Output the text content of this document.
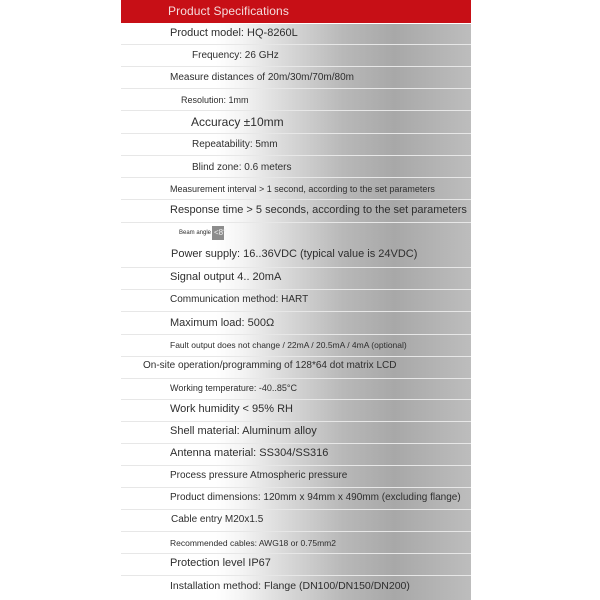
Product Specifications
Product model: HQ-8260L
Frequency: 26 GHz
Measure distances of 20m/30m/70m/80m
Resolution: 1mm
Accuracy ±10mm
Repeatability: 5mm
Blind zone: 0.6 meters
Measurement interval > 1 second, according to the set parameters
Response time > 5 seconds, according to the set parameters
Beam angle <8°
Power supply: 16..36VDC (typical value is 24VDC)
Signal output 4.. 20mA
Communication method: HART
Maximum load: 500Ω
Fault output does not change / 22mA / 20.5mA / 4mA (optional)
On-site operation/programming of 128*64 dot matrix LCD
Working temperature: -40..85°C
Work humidity < 95% RH
Shell material: Aluminum alloy
Antenna material: SS304/SS316
Process pressure Atmospheric pressure
Product dimensions: 120mm x 94mm x 490mm (excluding flange)
Cable entry M20x1.5
Recommended cables: AWG18 or 0.75mm2
Protection level IP67
Installation method: Flange (DN100/DN150/DN200)
